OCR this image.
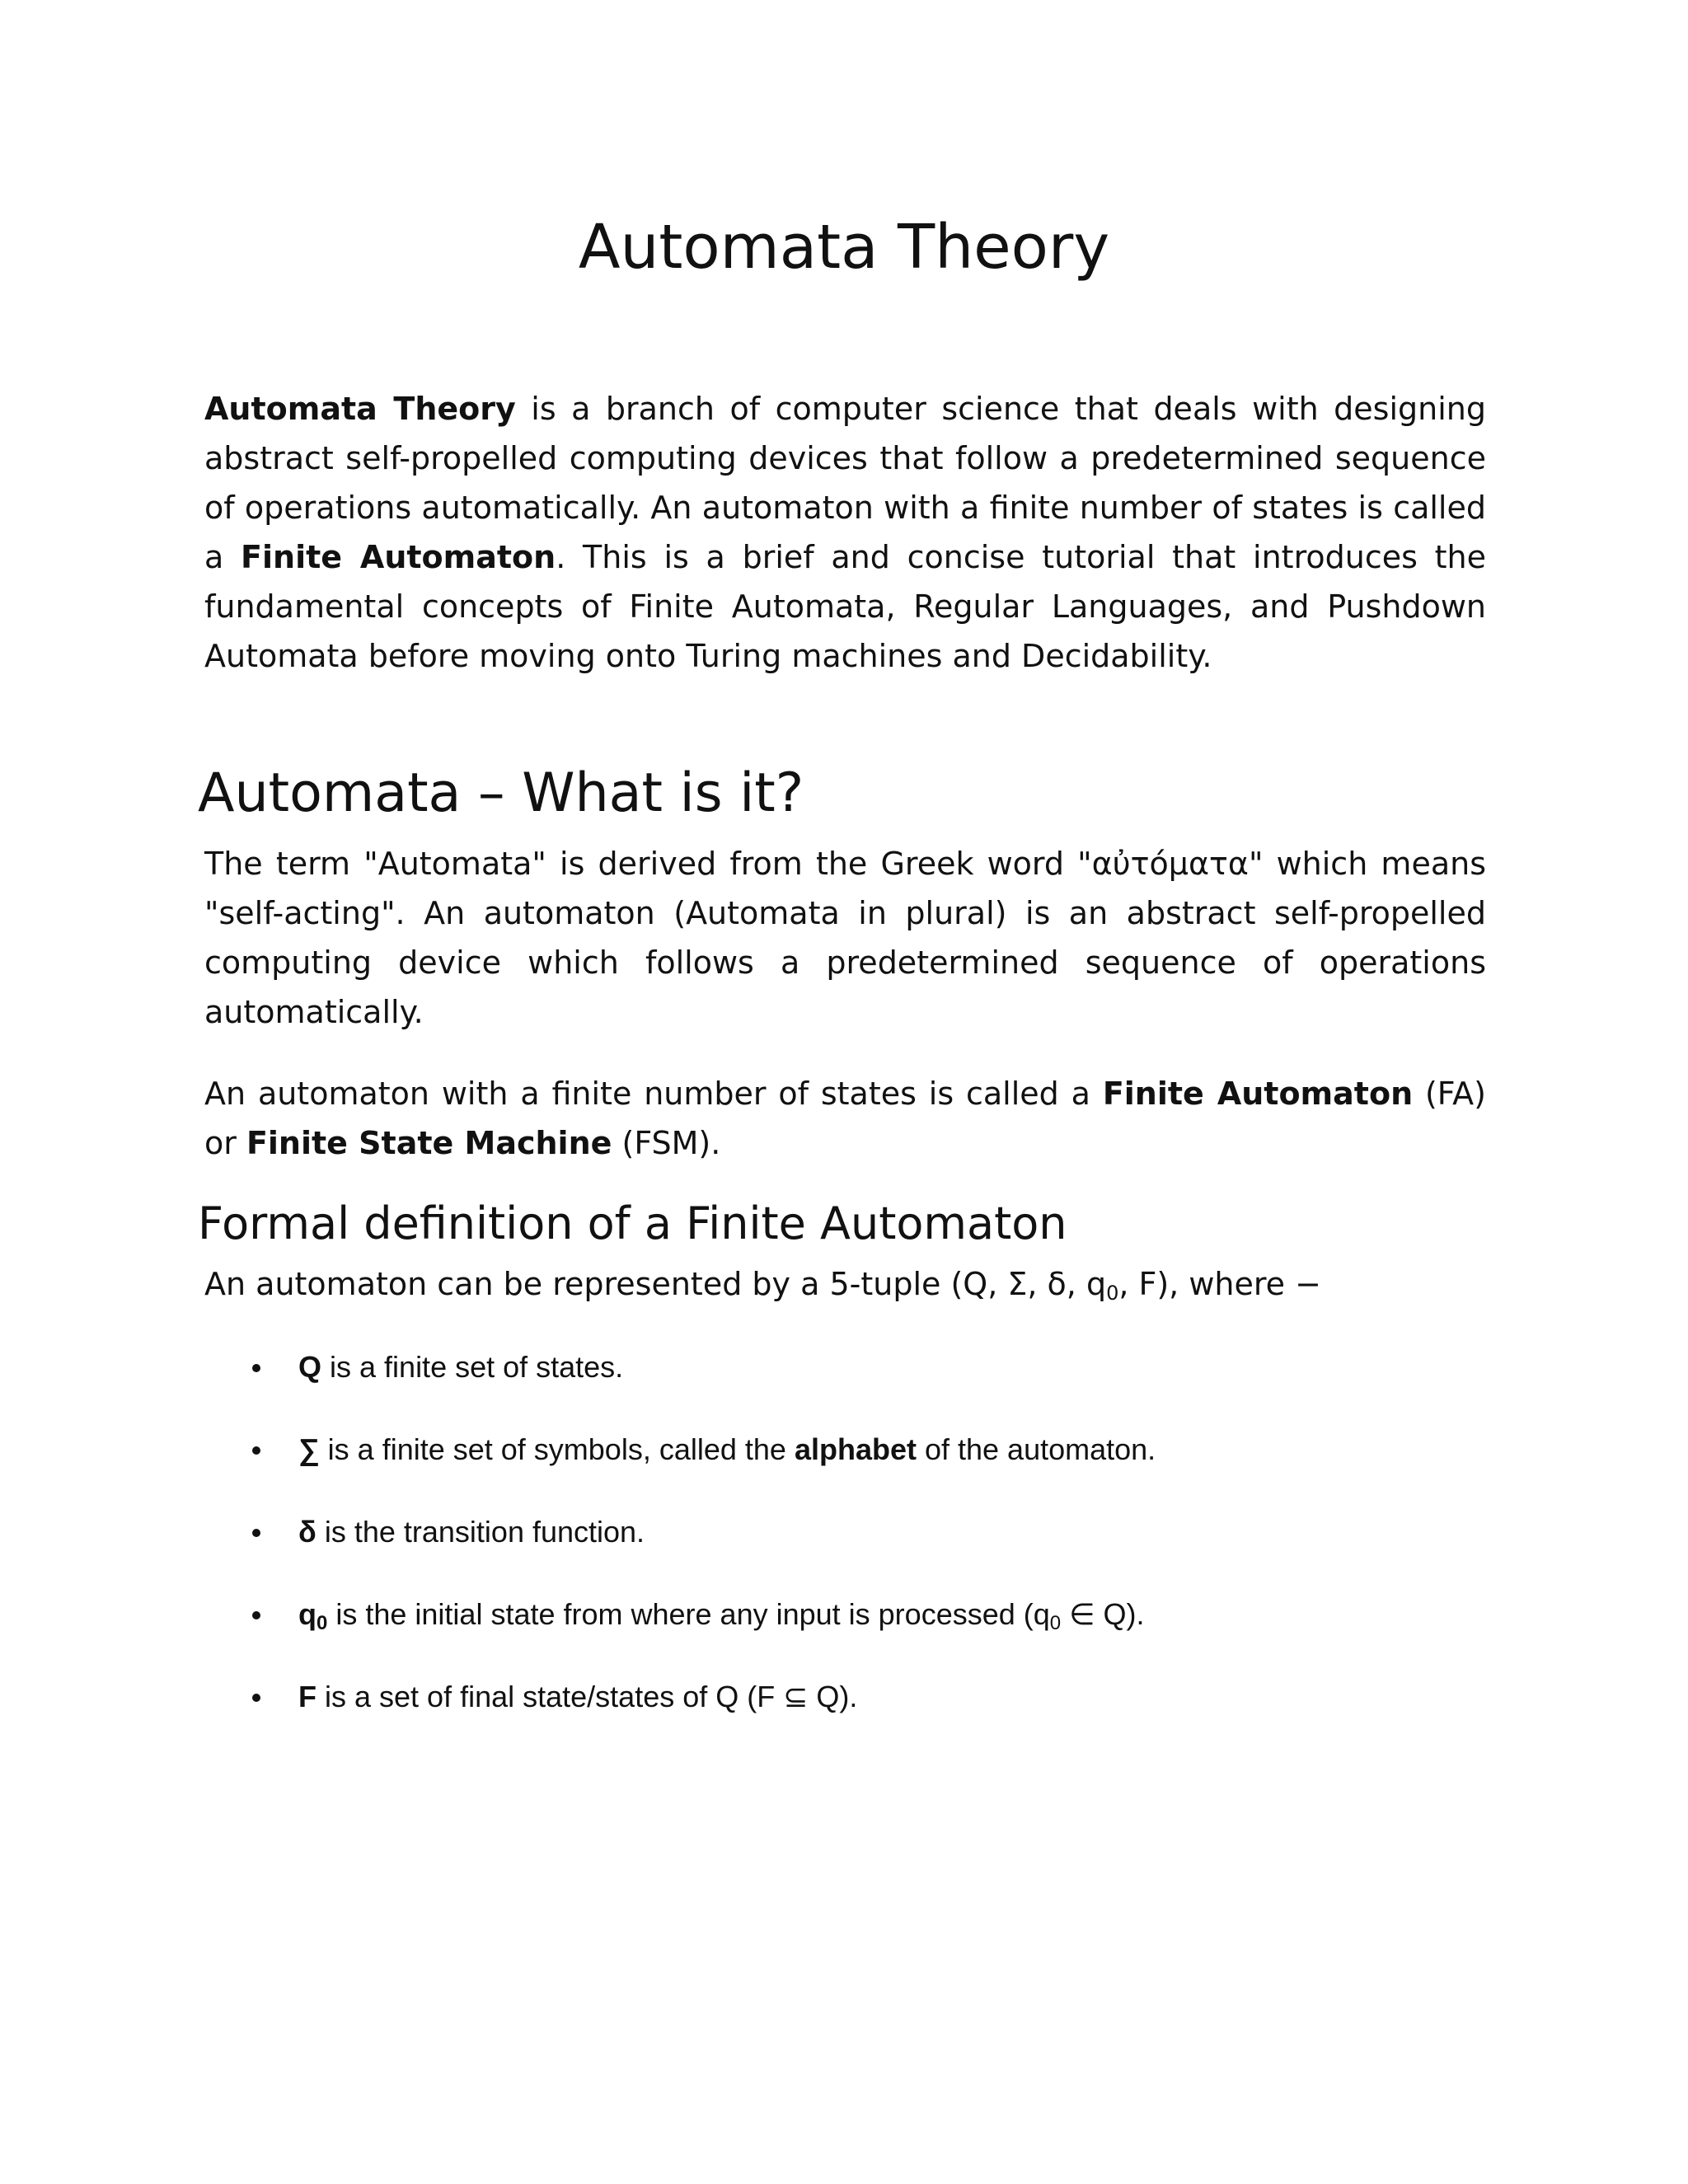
Automata Theory

Automata Theory is a branch of computer science that deals with designing abstract self-propelled computing devices that follow a predetermined sequence of operations automatically. An automaton with a finite number of states is called a Finite Automaton. This is a brief and concise tutorial that introduces the fundamental concepts of Finite Automata, Regular Languages, and Pushdown Automata before moving onto Turing machines and Decidability.

Automata – What is it?

The term "Automata" is derived from the Greek word "αὐτόματα" which means "self-acting". An automaton (Automata in plural) is an abstract self-propelled computing device which follows a predetermined sequence of operations automatically.

An automaton with a finite number of states is called a Finite Automaton (FA) or Finite State Machine (FSM).

Formal definition of a Finite Automaton

An automaton can be represented by a 5-tuple (Q, Σ, δ, $q_0$, F), where −

Q is a finite set of states.
∑ is a finite set of symbols, called the alphabet of the automaton.
δ is the transition function.
$q_0$ is the initial state from where any input is processed ($q_0$ ∈ Q).
F is a set of final state/states of Q (F ⊆ Q).
